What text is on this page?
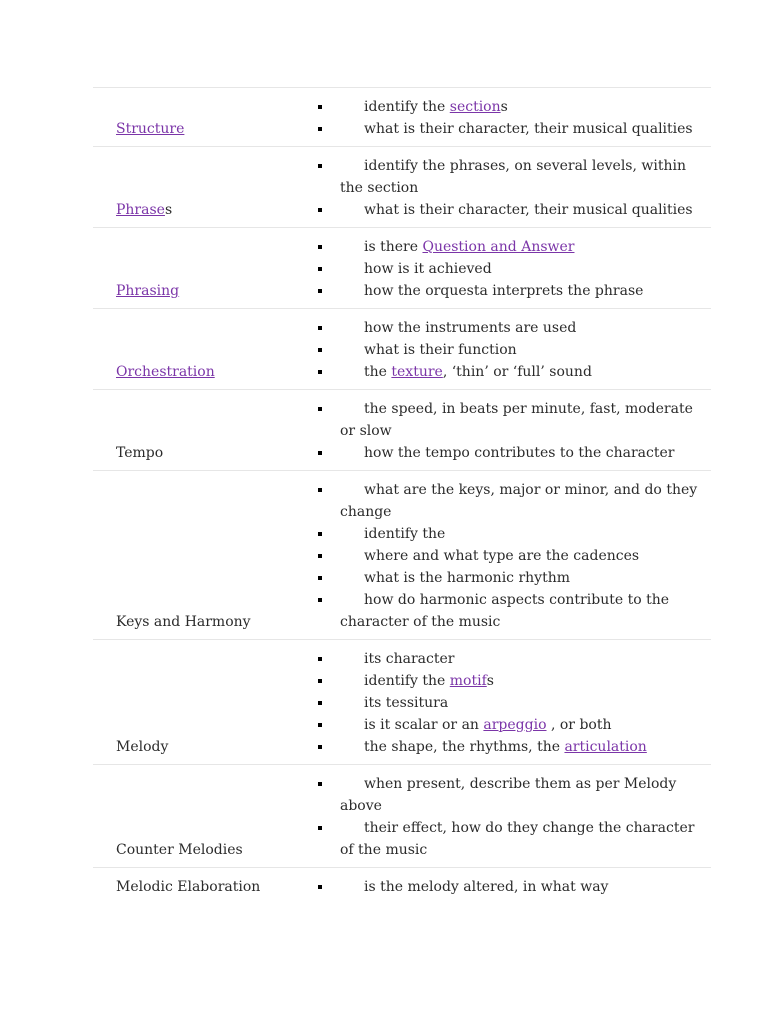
Structure
identify the sections
what is their character, their musical qualities
Phrases
identify the phrases, on several levels, within the section
what is their character, their musical qualities
Phrasing
is there Question and Answer
how is it achieved
how the orquesta interprets the phrase
Orchestration
how the instruments are used
what is their function
the texture, ‘thin’ or ‘full’ sound
Tempo
the speed, in beats per minute, fast, moderate or slow
how the tempo contributes to the character
Keys and Harmony
what are the keys, major or minor, and do they change
identify the
where and what type are the cadences
what is the harmonic rhythm
how do harmonic aspects contribute to the character of the music
Melody
its character
identify the motifs
its tessitura
is it scalar or an arpeggio , or both
the shape, the rhythms, the articulation
Counter Melodies
when present, describe them as per Melody above
their effect, how do they change the character of the music
Melodic Elaboration	is the melody altered, in what way
